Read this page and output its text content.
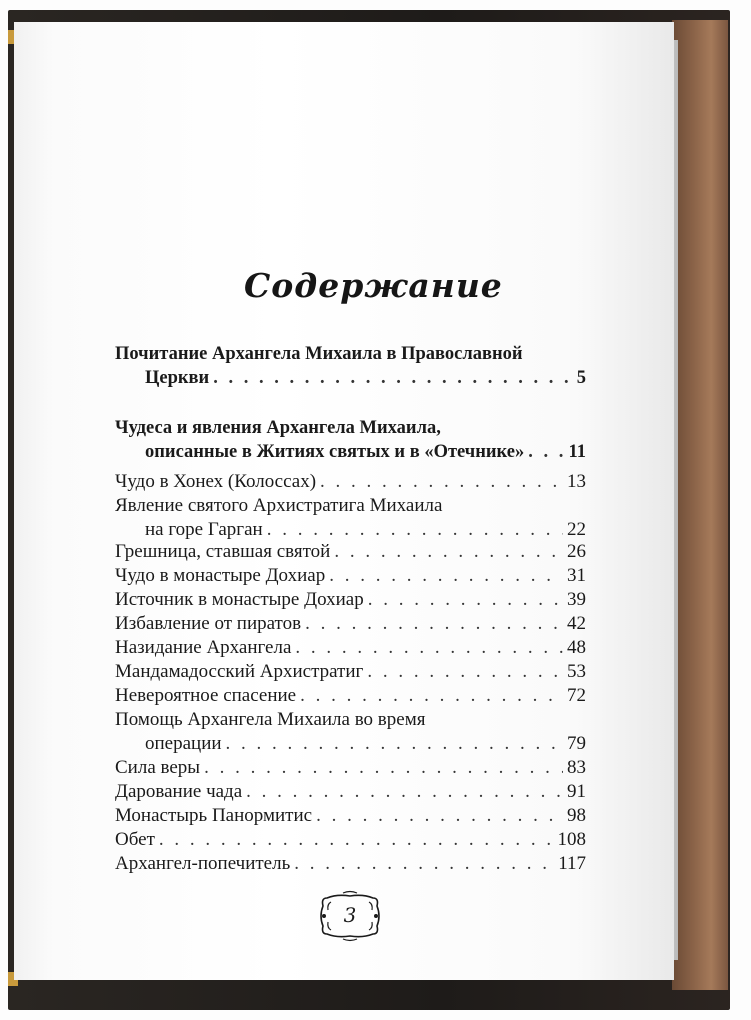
Содержание
Почитание Архангела Михаила в Православной
Церкви . . .	5
Чудеса и явления Архангела Михаила,
описанные в Житиях святых и в «Отечнике» . . . 11
Чудо в Хонех (Колоссах) . . .	13
Явление святого Архистратига Михаила
на горе Гарган . . .	22
Грешница, ставшая святой . . .	26
Чудо в монастыре Дохиар . . .	31
Источник в монастыре Дохиар . . .	39
Избавление от пиратов . . .	42
Назидание Архангела . . .	48
Мандамадосский Архистратиг . . .	53
Невероятное спасение . . .	72
Помощь Архангела Михаила во время
операции . . .	79
Сила веры . . .	83
Дарование чада . . .	91
Монастырь Панормитис . . .	98
Обет . . .	108
Архангел-попечитель . . .	117
3
